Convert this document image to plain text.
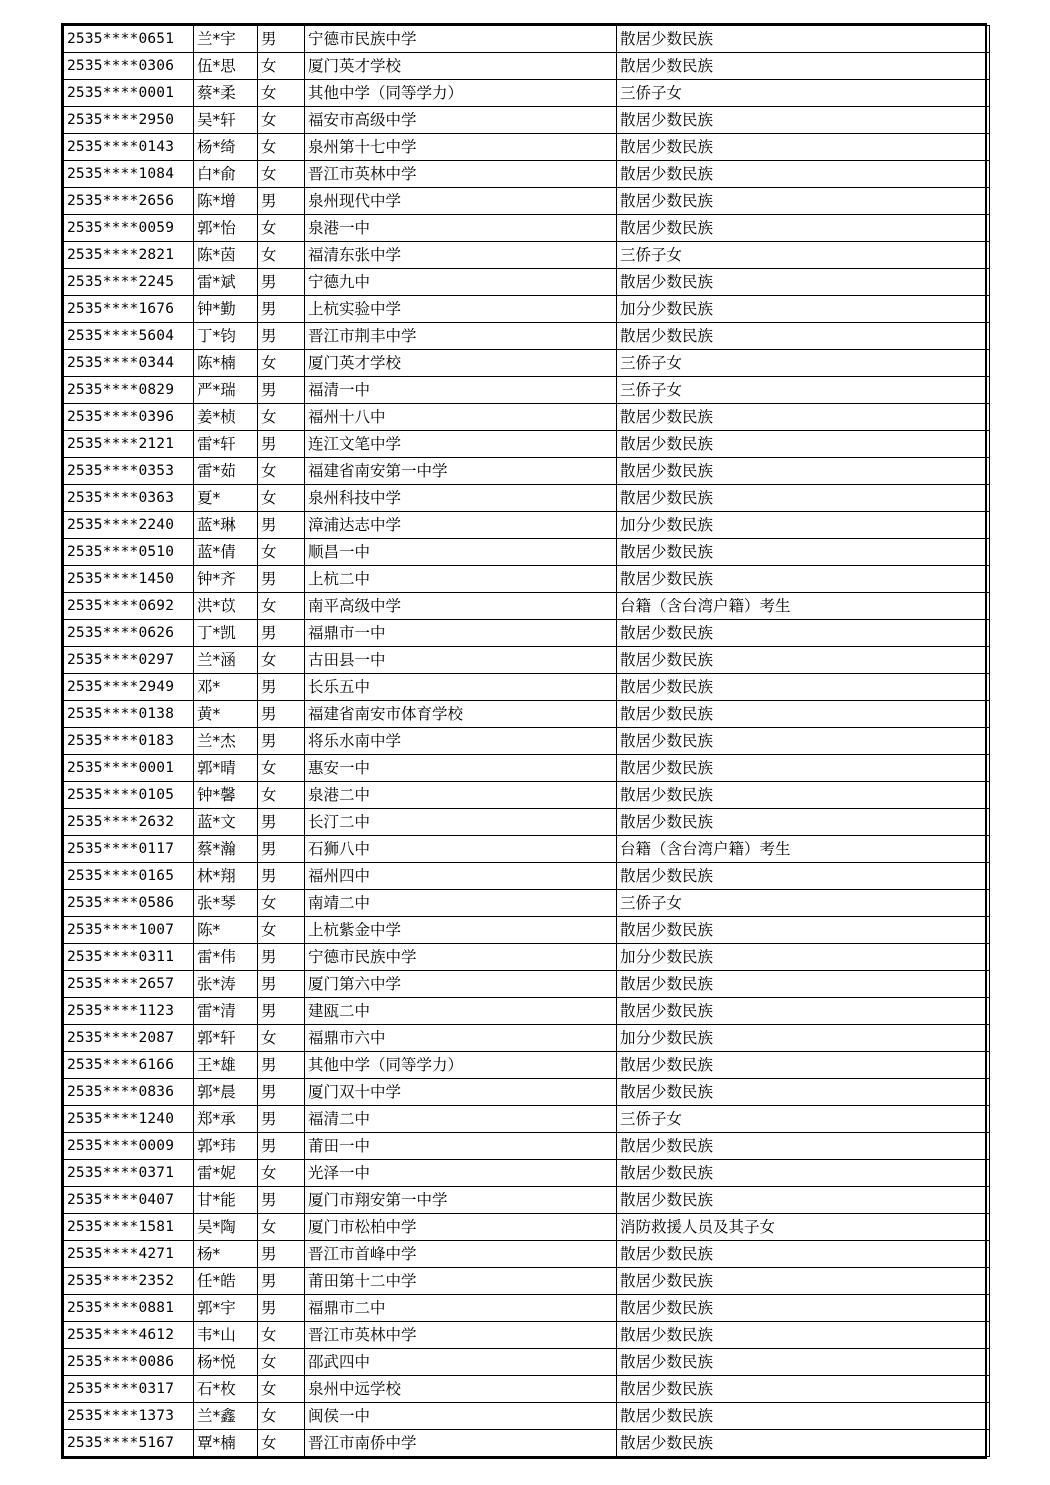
2535****0651	兰*宇	男	宁德市民族中学	散居少数民族
2535****0306	伍*思	女	厦门英才学校	散居少数民族
2535****0001	蔡*柔	女	其他中学（同等学力）	三侨子女
2535****2950	吴*轩	女	福安市高级中学	散居少数民族
2535****0143	杨*绮	女	泉州第十七中学	散居少数民族
2535****1084	白*俞	女	晋江市英林中学	散居少数民族
2535****2656	陈*增	男	泉州现代中学	散居少数民族
2535****0059	郭*怡	女	泉港一中	散居少数民族
2535****2821	陈*茵	女	福清东张中学	三侨子女
2535****2245	雷*斌	男	宁德九中	散居少数民族
2535****1676	钟*勤	男	上杭实验中学	加分少数民族
2535****5604	丁*钧	男	晋江市荆丰中学	散居少数民族
2535****0344	陈*楠	女	厦门英才学校	三侨子女
2535****0829	严*瑞	男	福清一中	三侨子女
2535****0396	姜*桢	女	福州十八中	散居少数民族
2535****2121	雷*轩	男	连江文笔中学	散居少数民族
2535****0353	雷*茹	女	福建省南安第一中学	散居少数民族
2535****0363	夏*	女	泉州科技中学	散居少数民族
2535****2240	蓝*琳	男	漳浦达志中学	加分少数民族
2535****0510	蓝*倩	女	顺昌一中	散居少数民族
2535****1450	钟*齐	男	上杭二中	散居少数民族
2535****0692	洪*苡	女	南平高级中学	台籍（含台湾户籍）考生
2535****0626	丁*凯	男	福鼎市一中	散居少数民族
2535****0297	兰*涵	女	古田县一中	散居少数民族
2535****2949	邓*	男	长乐五中	散居少数民族
2535****0138	黄*	男	福建省南安市体育学校	散居少数民族
2535****0183	兰*杰	男	将乐水南中学	散居少数民族
2535****0001	郭*晴	女	惠安一中	散居少数民族
2535****0105	钟*馨	女	泉港二中	散居少数民族
2535****2632	蓝*文	男	长汀二中	散居少数民族
2535****0117	蔡*瀚	男	石狮八中	台籍（含台湾户籍）考生
2535****0165	林*翔	男	福州四中	散居少数民族
2535****0586	张*琴	女	南靖二中	三侨子女
2535****1007	陈*	女	上杭紫金中学	散居少数民族
2535****0311	雷*伟	男	宁德市民族中学	加分少数民族
2535****2657	张*涛	男	厦门第六中学	散居少数民族
2535****1123	雷*清	男	建瓯二中	散居少数民族
2535****2087	郭*轩	女	福鼎市六中	加分少数民族
2535****6166	王*雄	男	其他中学（同等学力）	散居少数民族
2535****0836	郭*晨	男	厦门双十中学	散居少数民族
2535****1240	郑*承	男	福清二中	三侨子女
2535****0009	郭*玮	男	莆田一中	散居少数民族
2535****0371	雷*妮	女	光泽一中	散居少数民族
2535****0407	甘*能	男	厦门市翔安第一中学	散居少数民族
2535****1581	吴*陶	女	厦门市松柏中学	消防救援人员及其子女
2535****4271	杨*	男	晋江市首峰中学	散居少数民族
2535****2352	任*皓	男	莆田第十二中学	散居少数民族
2535****0881	郭*宇	男	福鼎市二中	散居少数民族
2535****4612	韦*山	女	晋江市英林中学	散居少数民族
2535****0086	杨*悦	女	邵武四中	散居少数民族
2535****0317	石*枚	女	泉州中远学校	散居少数民族
2535****1373	兰*鑫	女	闽侯一中	散居少数民族
2535****5167	覃*楠	女	晋江市南侨中学	散居少数民族
